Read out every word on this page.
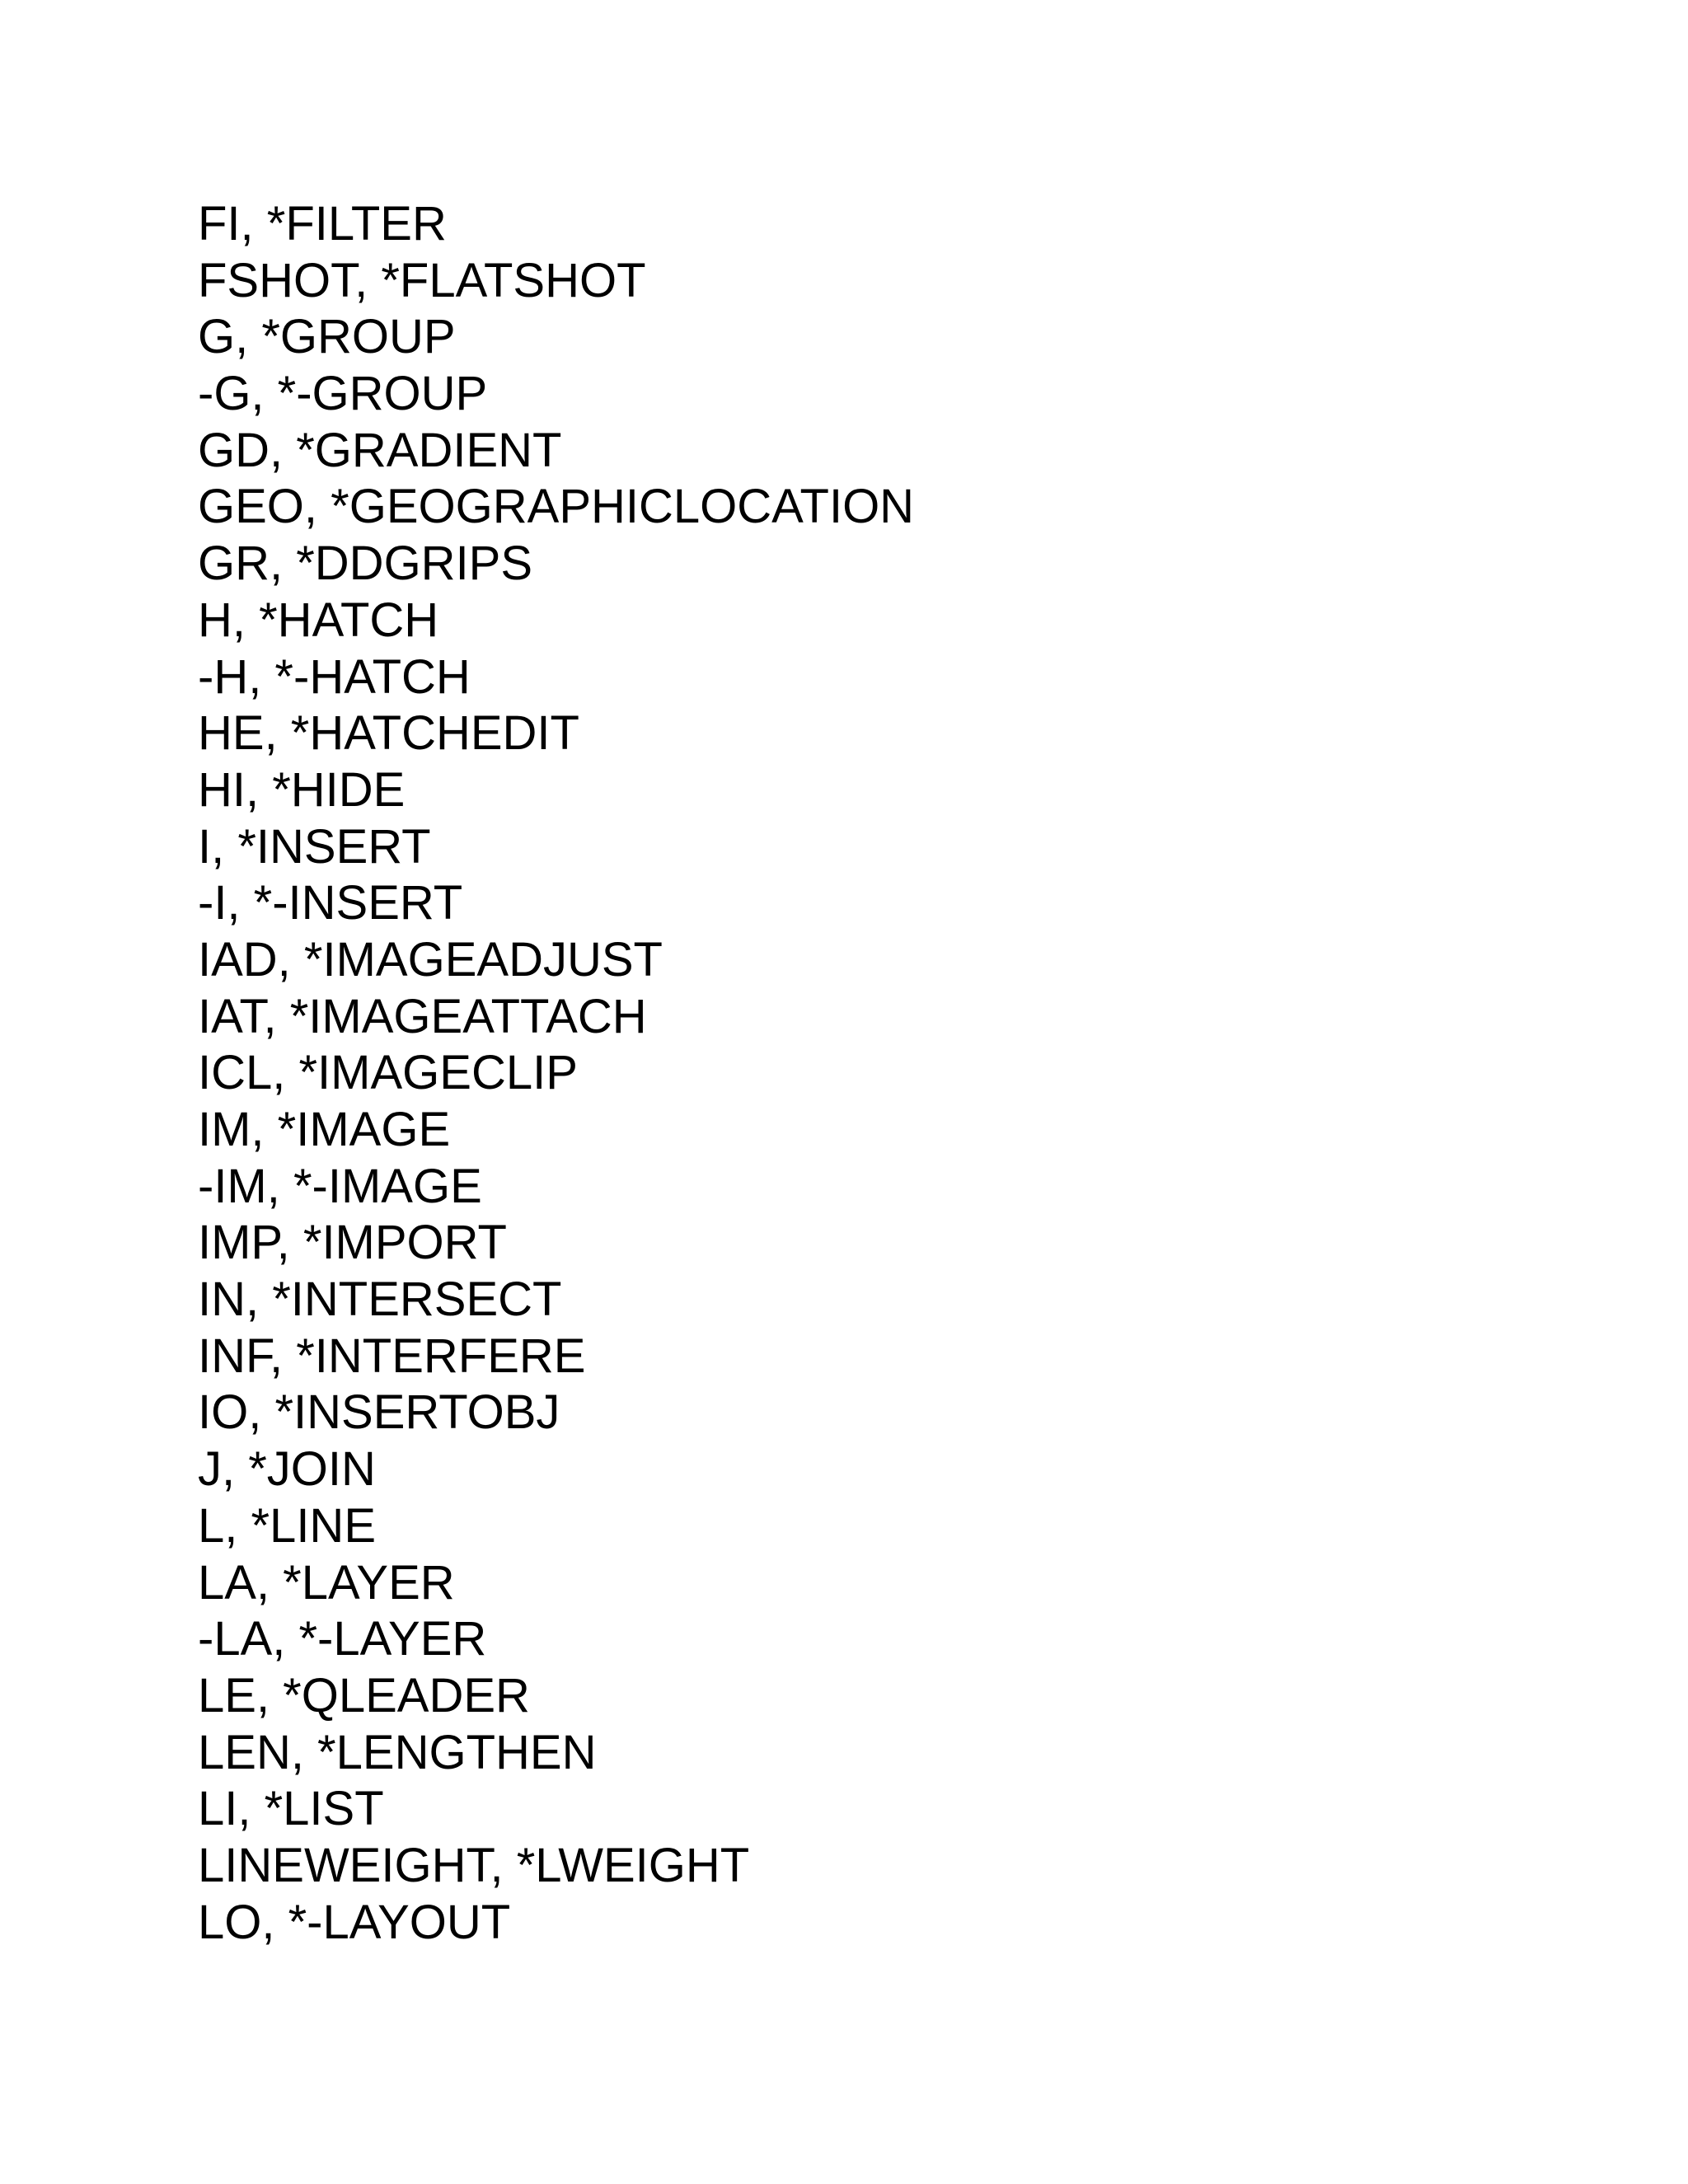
FI, *FILTER
FSHOT, *FLATSHOT
G, *GROUP
-G, *-GROUP
GD, *GRADIENT
GEO, *GEOGRAPHICLOCATION
GR, *DDGRIPS
H, *HATCH
-H, *-HATCH
HE, *HATCHEDIT
HI, *HIDE
I, *INSERT
-I, *-INSERT
IAD, *IMAGEADJUST
IAT, *IMAGEATTACH
ICL, *IMAGECLIP
IM, *IMAGE
-IM, *-IMAGE
IMP, *IMPORT
IN, *INTERSECT
INF, *INTERFERE
IO, *INSERTOBJ
J, *JOIN
L, *LINE
LA, *LAYER
-LA, *-LAYER
LE, *QLEADER
LEN, *LENGTHEN
LI, *LIST
LINEWEIGHT, *LWEIGHT
LO, *-LAYOUT
